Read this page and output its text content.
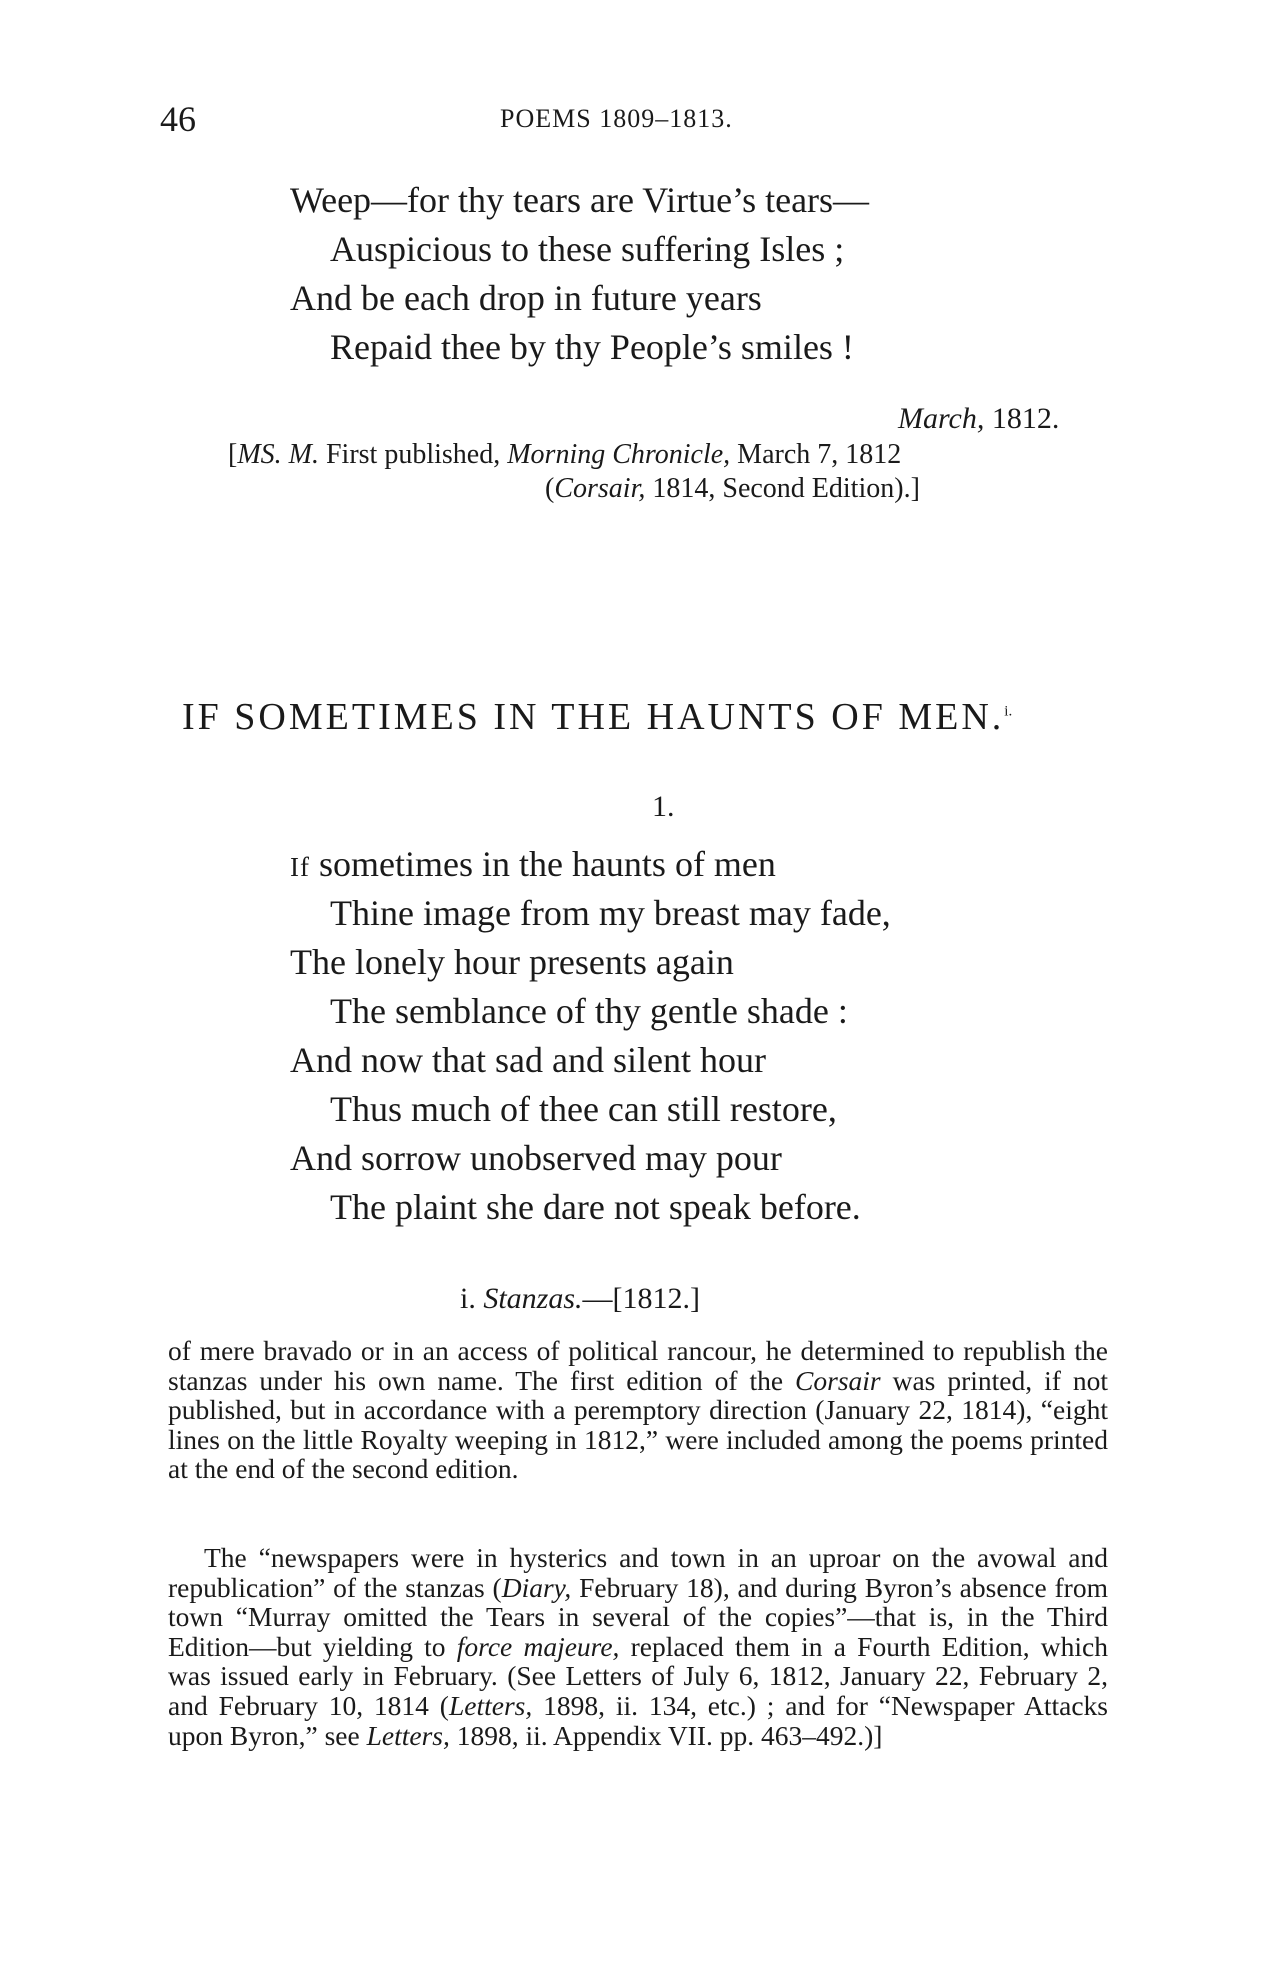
46	POEMS 1809–1813.
Weep—for thy tears are Virtue’s tears—
Auspicious to these suffering Isles ;
And be each drop in future years
Repaid thee by thy People’s smiles !
March, 1812.
[MS. M. First published, Morning Chronicle, March 7, 1812
(Corsair, 1814, Second Edition).]
IF SOMETIMES IN THE HAUNTS OF MEN.$^{i.}$
1.
If sometimes in the haunts of men
Thine image from my breast may fade,
The lonely hour presents again
The semblance of thy gentle shade :
And now that sad and silent hour
Thus much of thee can still restore,
And sorrow unobserved may pour
The plaint she dare not speak before.
i. Stanzas.—[1812.]

of mere bravado or in an access of political rancour, he determined to republish the stanzas under his own name. The first edition of the Corsair was printed, if not published, but in accordance with a peremptory direction (January 22, 1814), “eight lines on the little Royalty weeping in 1812,” were included among the poems printed at the end of the second edition.

The “newspapers were in hysterics and town in an uproar on the avowal and republication” of the stanzas (Diary, February 18), and during Byron’s absence from town “Murray omitted the Tears in several of the copies”—that is, in the Third Edition—but yielding to force majeure, replaced them in a Fourth Edition, which was issued early in February. (See Letters of July 6, 1812, January 22, February 2, and February 10, 1814 (Letters, 1898, ii. 134, etc.) ; and for “Newspaper Attacks upon Byron,” see Letters, 1898, ii. Appendix VII. pp. 463–492.)]
